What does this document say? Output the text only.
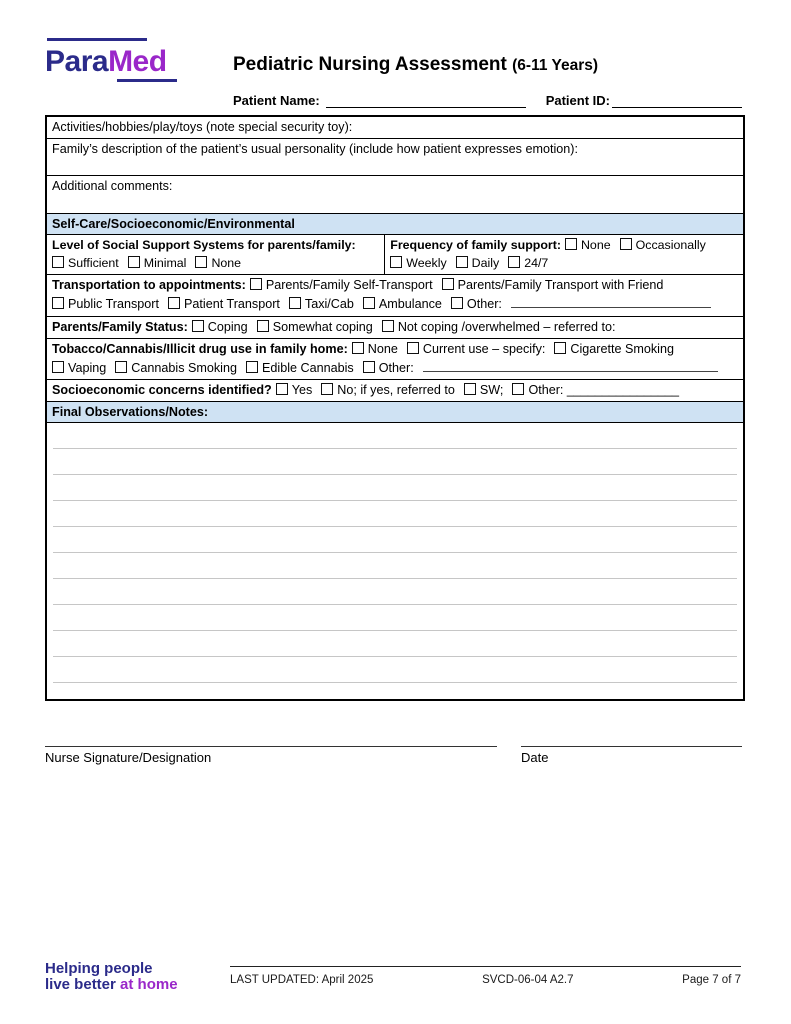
ParaMed	Pediatric Nursing Assessment (6-11 Years)
Patient Name:	Patient ID:
Activities/hobbies/play/toys (note special security toy):
Family’s description of the patient’s usual personality (include how patient expresses emotion):
Additional comments:
Self-Care/Socioeconomic/Environmental
Level of Social Support Systems for parents/family:
Sufficient Minimal None
Frequency of family support: None Occasionally
Weekly Daily 24/7
Transportation to appointments: Parents/Family Self-Transport Parents/Family Transport with Friend
Public Transport Patient Transport Taxi/Cab Ambulance Other:
Parents/Family Status: Coping Somewhat coping Not coping /overwhelmed – referred to:
Tobacco/Cannabis/Illicit drug use in family home: None Current use – specify: Cigarette SmokingVaping Cannabis Smoking Edible Cannabis Other:
Socioeconomic concerns identified? Yes No; if yes, referred to SW; Other: ________________
Final Observations/Notes:
Nurse Signature/Designation	Date
Helping people
live better at home	LAST UPDATED: April 2025	SVCD-06-04 A2.7	Page 7 of 7
